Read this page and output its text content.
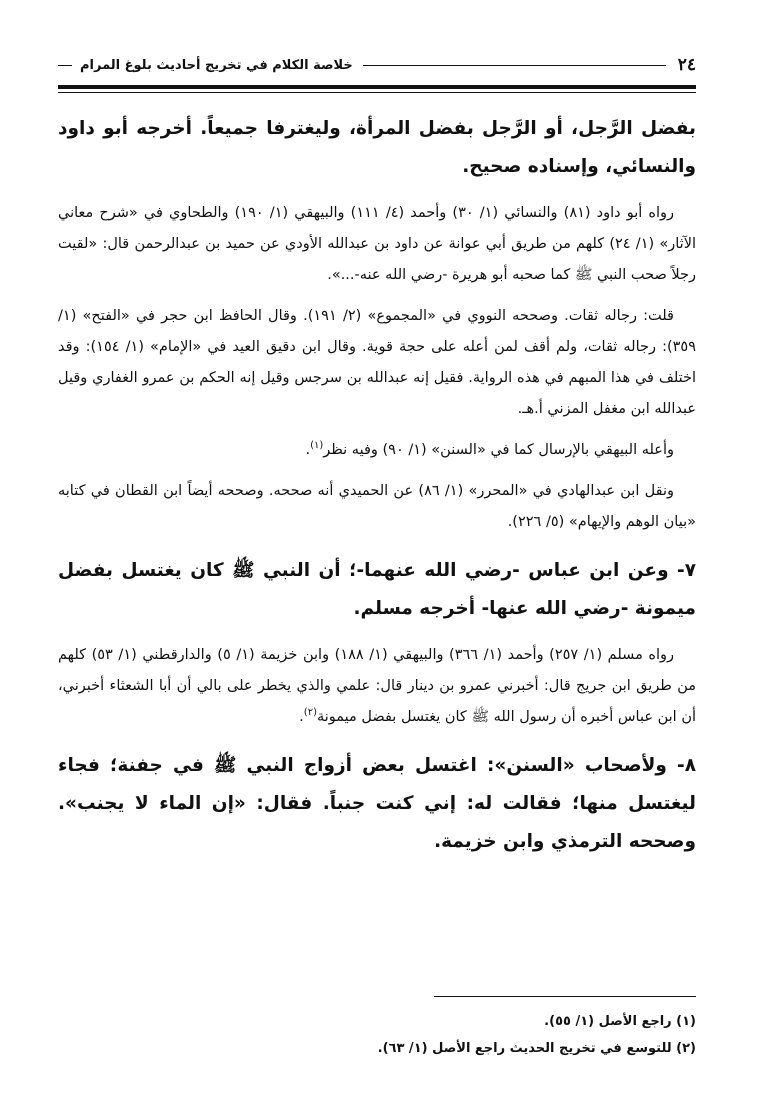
٢٤
خلاصة الكلام في تخريج أحاديث بلوغ المرام

بفضل الرَّجل، أو الرَّجل بفضل المرأة، وليغترفا جميعاً. أخرجه أبو داود والنسائي، وإسناده صحيح.

رواه أبو داود (٨١) والنسائي (١/ ٣٠) وأحمد (٤/ ١١١) والبيهقي (١/ ١٩٠) والطحاوي في «شرح معاني الآثار» (١/ ٢٤) كلهم من طريق أبي عوانة عن داود بن عبدالله الأودي عن حميد بن عبدالرحمن قال: «لقيت رجلاً صحب النبي ﷺ كما صحبه أبو هريرة -رضي الله عنه-...».

قلت: رجاله ثقات. وصححه النووي في «المجموع» (٢/ ١٩١). وقال الحافظ ابن حجر في «الفتح» (١/ ٣٥٩): رجاله ثقات، ولم أقف لمن أعله على حجة قوية. وقال ابن دقيق العيد في «الإمام» (١/ ١٥٤): وقد اختلف في هذا المبهم في هذه الرواية. فقيل إنه عبدالله بن سرجس وقيل إنه الحكم بن عمرو الغفاري وقيل عبدالله ابن مغفل المزني أ.هـ.

وأعله البيهقي بالإرسال كما في «السنن» (١/ ٩٠) وفيه نظر$^{(١)}$.

ونقل ابن عبدالهادي في «المحرر» (١/ ٨٦) عن الحميدي أنه صححه. وصححه أيضاً ابن القطان في كتابه «بيان الوهم والإيهام» (٥/ ٢٢٦).

٧- وعن ابن عباس -رضي الله عنهما-؛ أن النبي ﷺ كان يغتسل بفضل ميمونة -رضي الله عنها- أخرجه مسلم.

رواه مسلم (١/ ٢٥٧) وأحمد (١/ ٣٦٦) والبيهقي (١/ ١٨٨) وابن خزيمة (١/ ٥) والدارقطني (١/ ٥٣) كلهم من طريق ابن جريج قال: أخبرني عمرو بن دينار قال: علمي والذي يخطر على بالي أن أبا الشعثاء أخبرني، أن ابن عباس أخبره أن رسول الله ﷺ كان يغتسل بفضل ميمونة$^{(٢)}$.

٨- ولأصحاب «السنن»: اغتسل بعض أزواج النبي ﷺ في جفنة؛ فجاء ليغتسل منها؛ فقالت له: إني كنت جنباً. فقال: «إن الماء لا يجنب». وصححه الترمذي وابن خزيمة.

(١) راجع الأصل (١/ ٥٥).

(٢) للتوسع في تخريج الحديث راجع الأصل (١/ ٦٣).
